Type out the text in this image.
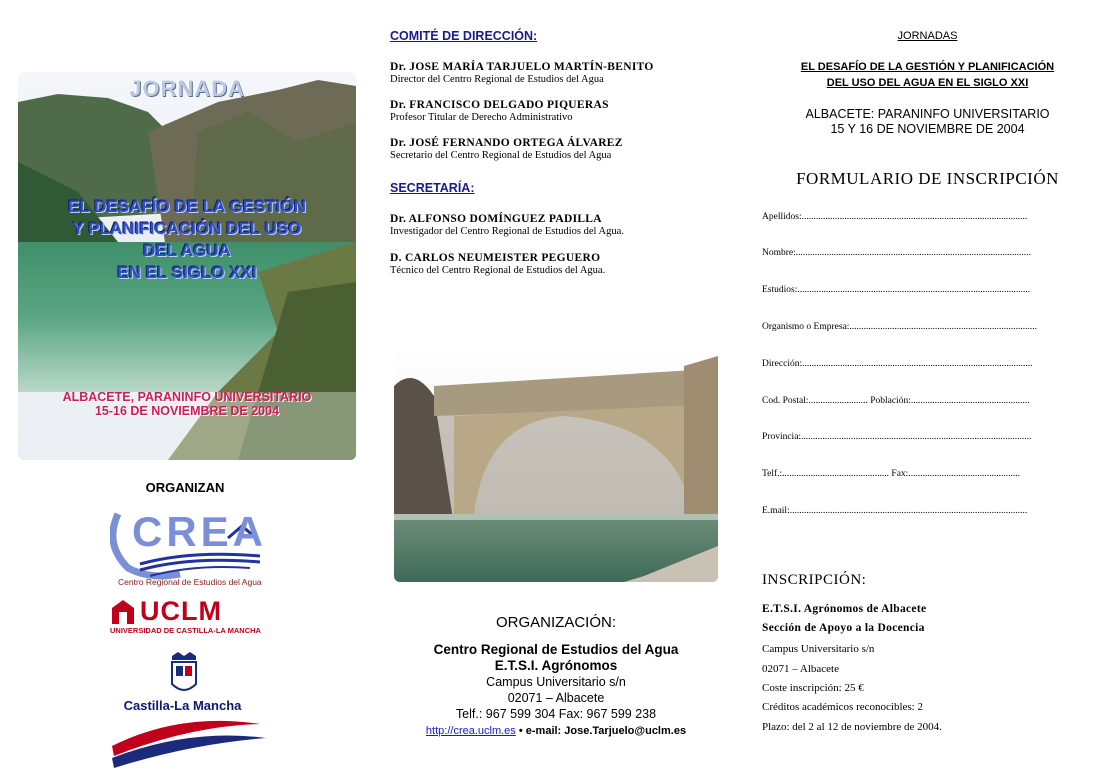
JORNADA
EL DESAFÍO DE LA GESTIÓN
Y PLANIFICACIÓN DEL USO
DEL AGUA
EN EL SIGLO XXI
ALBACETE, PARANINFO UNIVERSITARIO
15-16 DE NOVIEMBRE DE 2004
ORGANIZAN
CREA
Centro Regional de Estudios del Agua
UCLM
UNIVERSIDAD DE CASTILLA-LA MANCHA
Castilla-La Mancha
COMITÉ DE DIRECCIÓN:
Dr. JOSE MARÍA TARJUELO MARTÍN-BENITO
Director del Centro Regional de Estudios del Agua
Dr. FRANCISCO DELGADO PIQUERAS
Profesor Titular de Derecho Administrativo
Dr. JOSÉ FERNANDO ORTEGA ÁLVAREZ
Secretario del Centro Regional de Estudios del Agua
SECRETARÍA:
Dr. ALFONSO DOMÍNGUEZ PADILLA
Investigador del Centro Regional de Estudios del Agua.
D. CARLOS NEUMEISTER PEGUERO
Técnico del Centro Regional de Estudios del Agua.
ORGANIZACIÓN:
Centro Regional de Estudios del Agua
E.T.S.I. Agrónomos
Campus Universitario s/n
02071 – Albacete
Telf.: 967 599 304 Fax: 967 599 238
http://crea.uclm.es • e-mail: Jose.Tarjuelo@uclm.es
JORNADAS
EL DESAFÍO DE LA GESTIÓN Y PLANIFICACIÓN
DEL USO DEL AGUA EN EL SIGLO XXI
ALBACETE: PARANINFO UNIVERSITARIO
15 Y 16 DE NOVIEMBRE DE 2004
FORMULARIO DE INSCRIPCIÓN
Apellidos:...............................................................................................
Nombre:...................................................................................................
Estudios:..................................................................................................
Organismo o Empresa:...............................................................................
Dirección:.................................................................................................
Cod. Postal:......................... Población:..................................................
Provincia:.................................................................................................
Telf.:............................................. Fax:...............................................
E.mail:....................................................................................................
INSCRIPCIÓN:
E.T.S.I. Agrónomos de Albacete
Sección de Apoyo a la Docencia
Campus Universitario s/n
02071 – Albacete
Coste inscripción: 25 €
Créditos académicos reconocibles: 2
Plazo: del 2 al 12 de noviembre de 2004.
